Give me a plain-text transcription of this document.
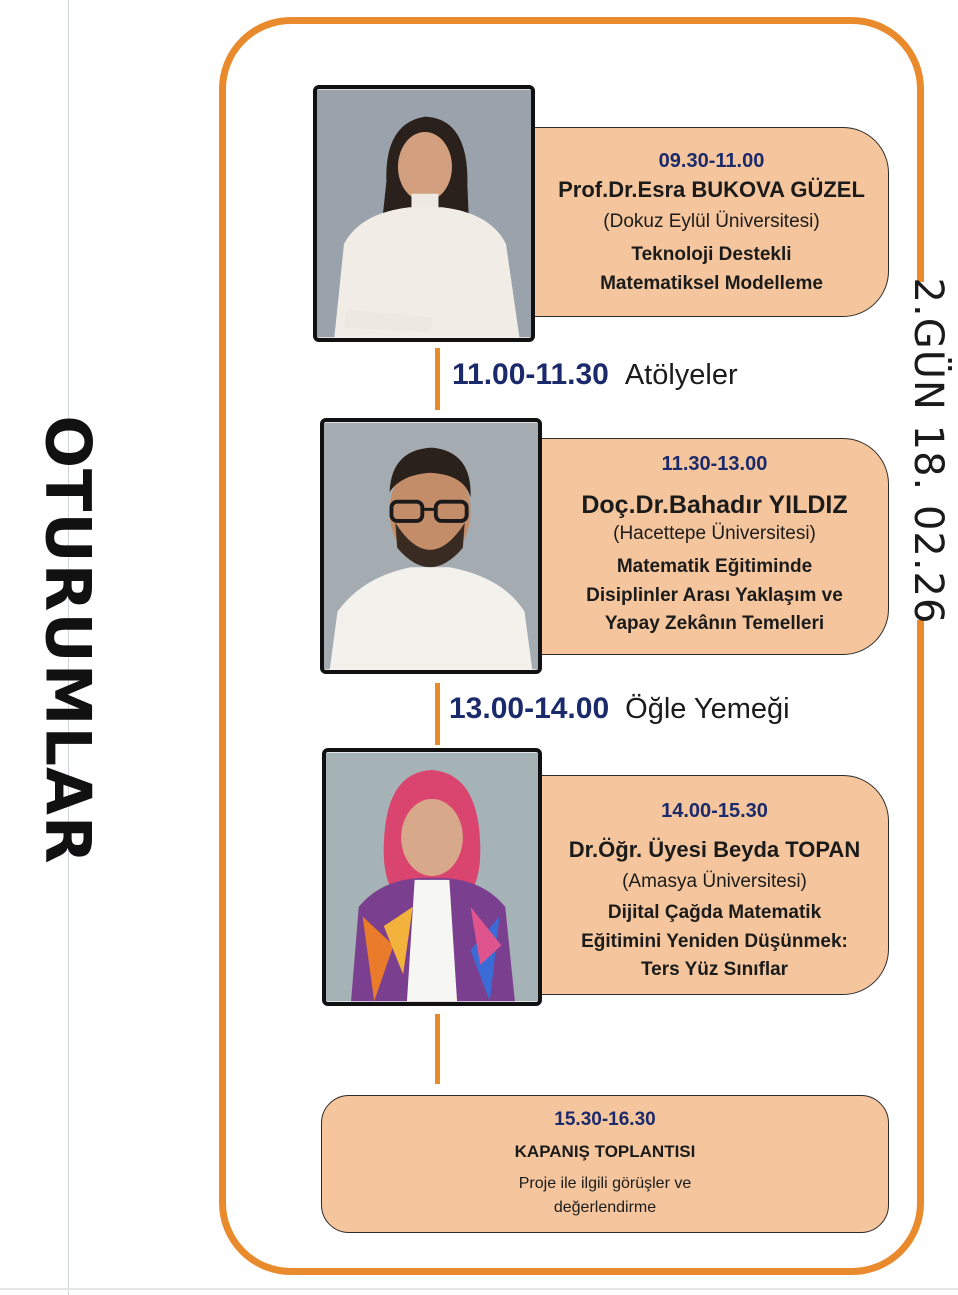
OTURUMLAR	2.GÜN 18. 02.26
09.30-11.00
Prof.Dr.Esra BUKOVA GÜZEL
(Dokuz Eylül Üniversitesi)
Teknoloji Destekli
Matematiksel Modelleme
11.00-11.30 Atölyeler
11.30-13.00
Doç.Dr.Bahadır YILDIZ
(Hacettepe Üniversitesi)
Matematik Eğitiminde
Disiplinler Arası Yaklaşım ve
Yapay Zekânın Temelleri
13.00-14.00 Öğle Yemeği
14.00-15.30
Dr.Öğr. Üyesi Beyda TOPAN
(Amasya Üniversitesi)
Dijital Çağda Matematik
Eğitimini Yeniden Düşünmek:
Ters Yüz Sınıflar
15.30-16.30
KAPANIŞ TOPLANTISI
Proje ile ilgili görüşler ve
değerlendirme
